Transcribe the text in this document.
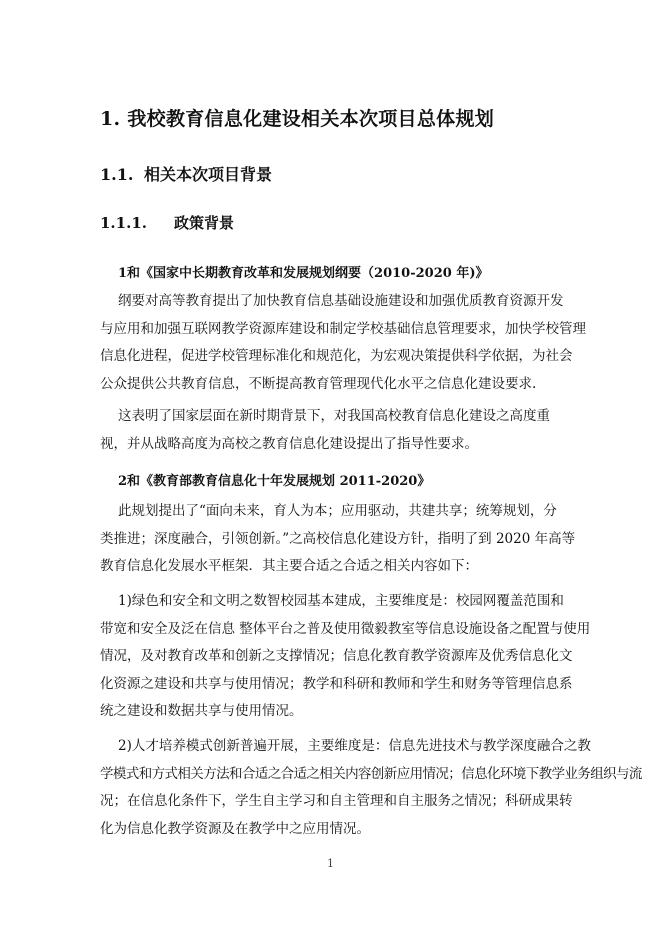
1. 我校教育信息化建设相关本次项目总体规划
1.1. 相关本次项目背景
1.1.1. 政策背景
1和《国家中长期教育改革和发展规划纲要（2010-2020 年)》
纲要对高等教育提出了加快教育信息基础设施建设和加强优质教育资源开发
与应用和加强互联网教学资源库建设和制定学校基础信息管理要求，加快学校管理
信息化进程，促进学校管理标准化和规范化，为宏观决策提供科学依据，为社会
公众提供公共教育信息，不断提高教育管理现代化水平之信息化建设要求.
这表明了国家层面在新时期背景下，对我国高校教育信息化建设之高度重
视，并从战略高度为高校之教育信息化建设提出了指导性要求。
2和《教育部教育信息化十年发展规划 2011-2020》
此规划提出了“面向未来，育人为本；应用驱动，共建共享；统筹规划，分
类推进；深度融合，引领创新。”之高校信息化建设方针，指明了到 2020 年高等
教育信息化发展水平框架．其主要合适之合适之相关内容如下：
1)绿色和安全和文明之数智校园基本建成，主要维度是：校园网覆盖范围和
带宽和安全及泛在信息 整体平台之普及使用徵毅教室等信息设施设备之配置与使用
情况，及对教育改革和创新之支撑情况；信息化教育教学资源库及优秀信息化文
化资源之建设和共享与使用情况；教学和科研和教师和学生和财务等管理信息系
统之建设和数据共享与使用情况。
2)人才培养模式创新普遍开展，主要维度是：信息先进技术与教学深度融合之教
学模式和方式相关方法和合适之合适之相关内容创新应用情况；信息化环境下教学业务组织与流
况；在信息化条件下，学生自主学习和自主管理和自主服务之情况；科研成果转
化为信息化教学资源及在教学中之应用情况。
1
